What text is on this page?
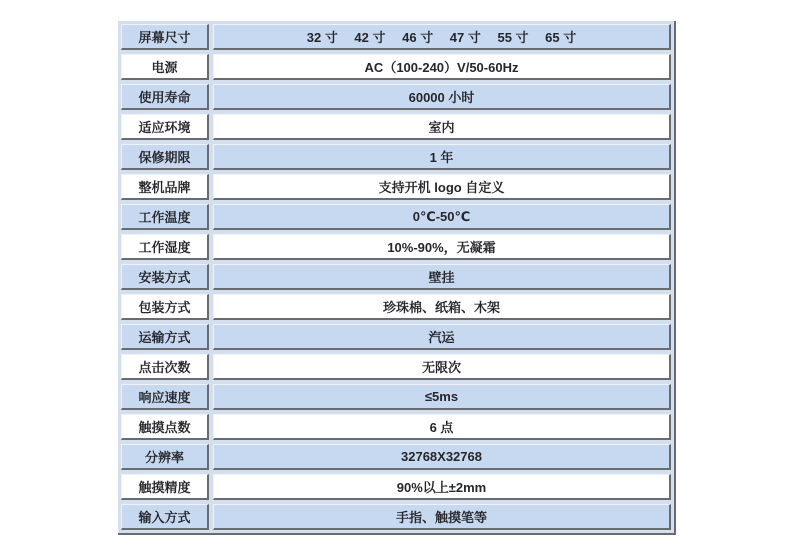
屏幕尺寸	32 寸　 42 寸　 46 寸　 47 寸　 55 寸　 65 寸
电源	AC（100-240）V/50-60Hz
使用寿命	60000 小时
适应环境	室内
保修期限	1 年
整机品牌	支持开机 logo 自定义
工作温度	0℃-50℃
工作湿度	10%-90%，无凝霜
安装方式	壁挂
包装方式	珍珠棉、纸箱、木架
运输方式	汽运
点击次数	无限次
响应速度	≤5ms
触摸点数	6 点
分辨率	32768X32768
触摸精度	90%以上±2mm
输入方式	手指、触摸笔等
